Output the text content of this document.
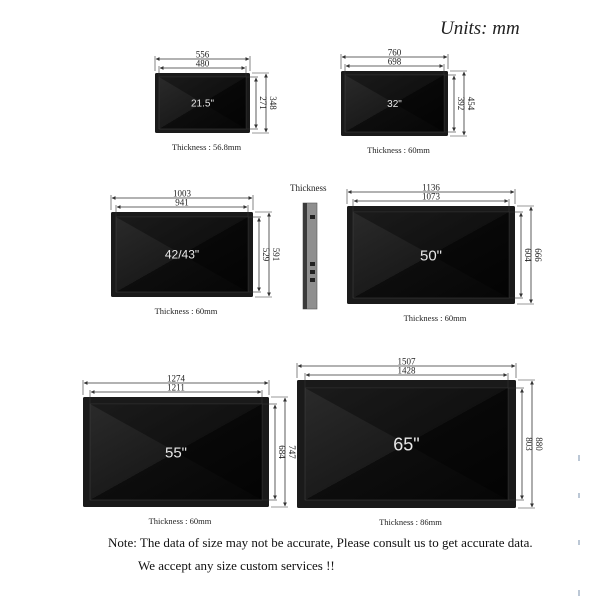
Units: mm
21.5"
556
480
271 348
Thickness : 56.8mm
32"
760
698
392 454
Thickness : 60mm
42/43"
1003
941
529 591
Thickness : 60mm
50"
1136
1073
604 666
Thickness : 60mm
55"
1274
1211
684 747
Thickness : 60mm
65"
1507
1428
803 880
Thickness : 86mm
Thickness
Note: The data of size may not be accurate, Please consult us to get accurate data.
We accept any size custom services !!
